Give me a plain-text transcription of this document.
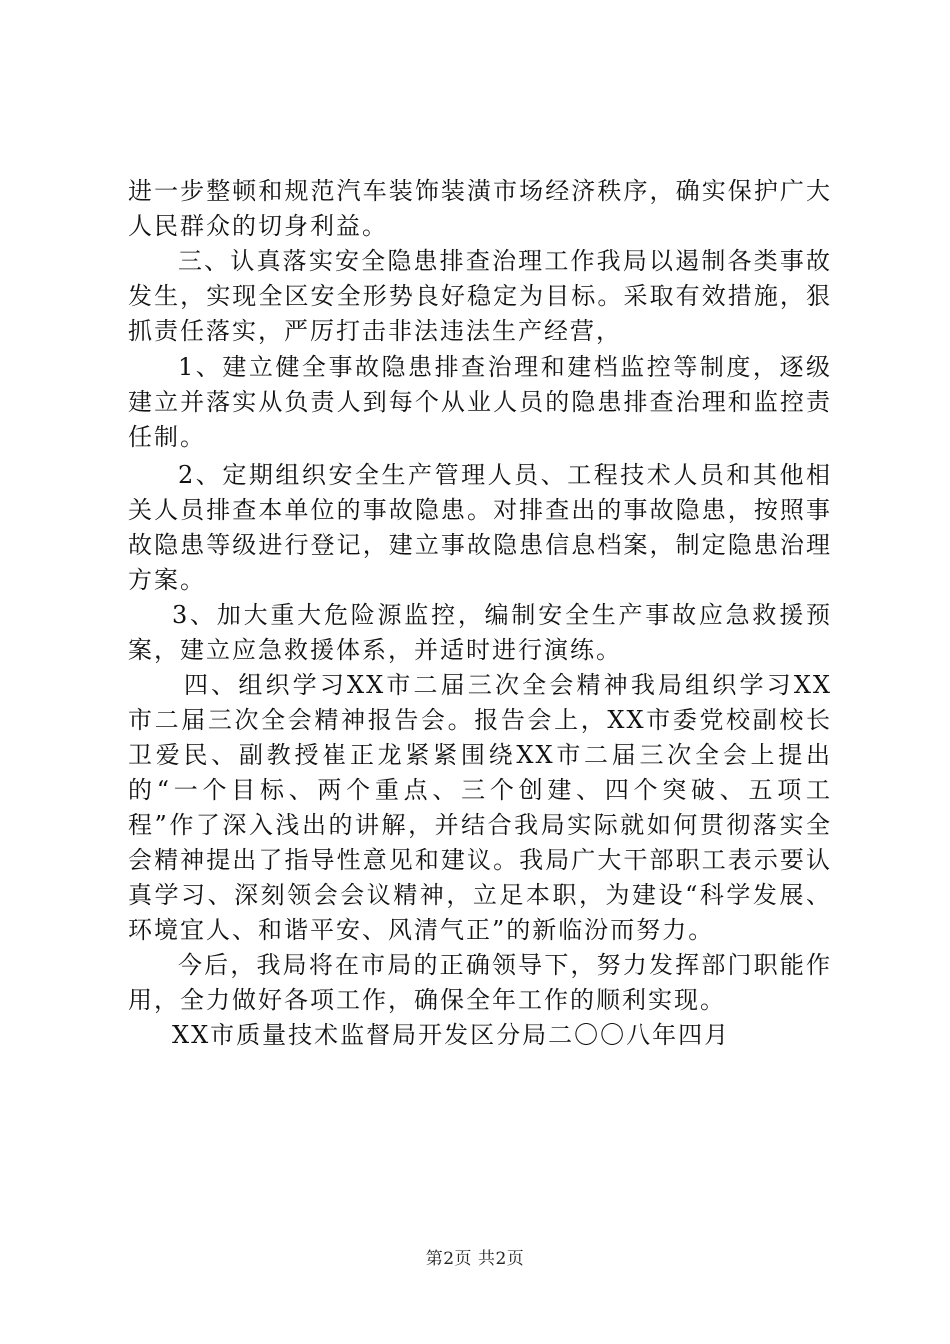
进一步整顿和规范汽车装饰装潢市场经济秩序，确实保护广大人民群众的切身利益。

三、认真落实安全隐患排查治理工作我局以遏制各类事故发生，实现全区安全形势良好稳定为目标。采取有效措施，狠抓责任落实，严厉打击非法违法生产经营，

1、建立健全事故隐患排查治理和建档监控等制度，逐级建立并落实从负责人到每个从业人员的隐患排查治理和监控责任制。

2、定期组织安全生产管理人员、工程技术人员和其他相关人员排查本单位的事故隐患。对排查出的事故隐患，按照事故隐患等级进行登记，建立事故隐患信息档案，制定隐患治理方案。

3、加大重大危险源监控，编制安全生产事故应急救援预案，建立应急救援体系，并适时进行演练。

四、组织学习XX市二届三次全会精神我局组织学习XX市二届三次全会精神报告会。报告会上，XX市委党校副校长卫爱民、副教授崔正龙紧紧围绕XX市二届三次全会上提出的“一个目标、两个重点、三个创建、四个突破、五项工程”作了深入浅出的讲解，并结合我局实际就如何贯彻落实全会精神提出了指导性意见和建议。我局广大干部职工表示要认真学习、深刻领会会议精神，立足本职，为建设“科学发展、环境宜人、和谐平安、风清气正”的新临汾而努力。

今后，我局将在市局的正确领导下，努力发挥部门职能作用，全力做好各项工作，确保全年工作的顺利实现。

XX市质量技术监督局开发区分局二〇〇八年四月

第2页 共2页
